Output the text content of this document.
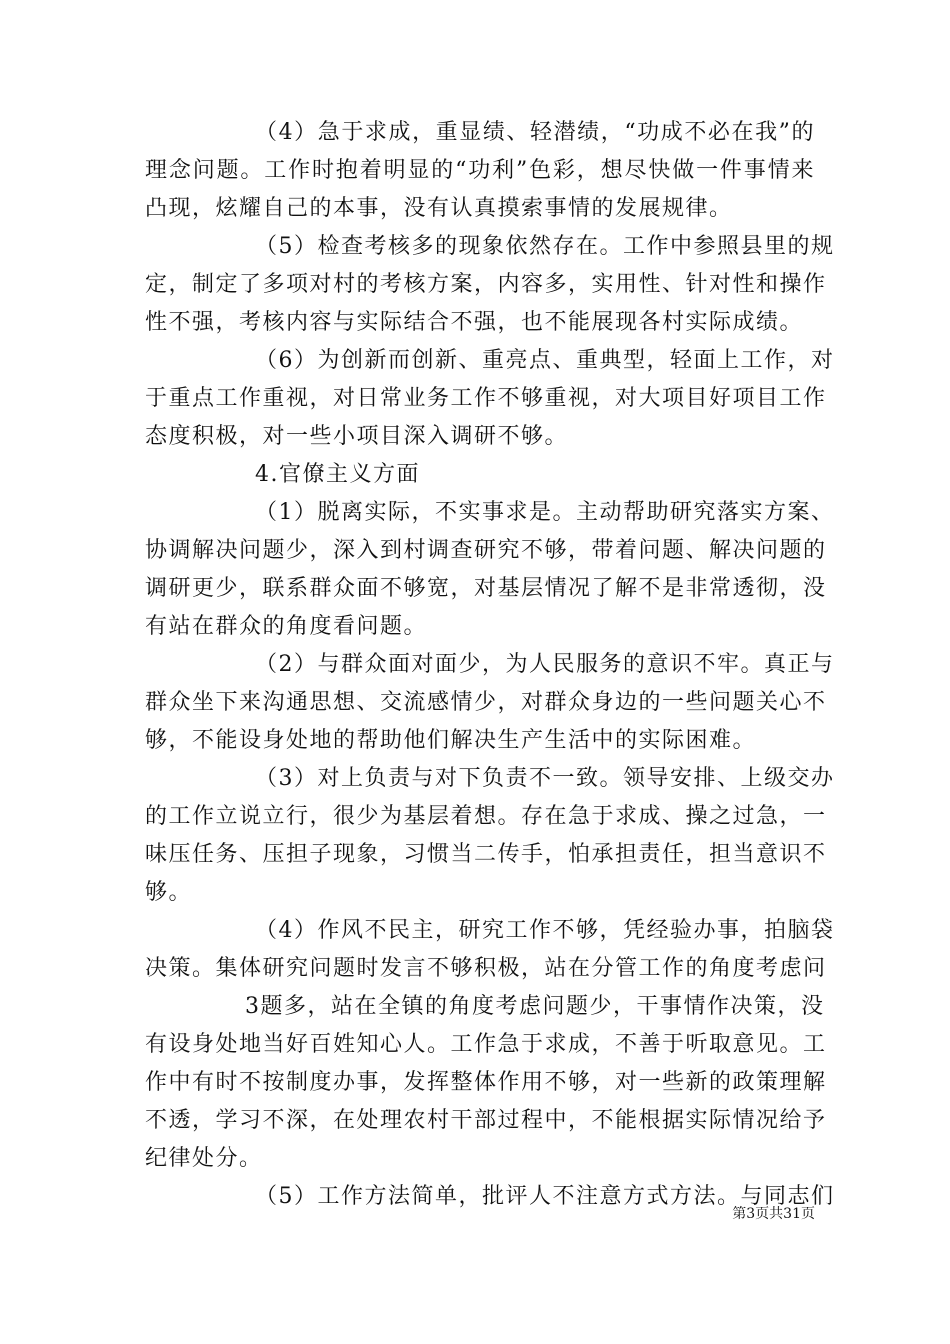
（4）急于求成，重显绩、轻潜绩，“功成不必在我”的
理念问题。工作时抱着明显的“功利”色彩，想尽快做一件事情来
凸现，炫耀自己的本事，没有认真摸索事情的发展规律。
（5）检查考核多的现象依然存在。工作中参照县里的规
定，制定了多项对村的考核方案，内容多，实用性、针对性和操作
性不强，考核内容与实际结合不强，也不能展现各村实际成绩。
（6）为创新而创新、重亮点、重典型，轻面上工作，对
于重点工作重视，对日常业务工作不够重视，对大项目好项目工作
态度积极，对一些小项目深入调研不够。
4.官僚主义方面
（1）脱离实际，不实事求是。主动帮助研究落实方案、
协调解决问题少，深入到村调查研究不够，带着问题、解决问题的
调研更少，联系群众面不够宽，对基层情况了解不是非常透彻，没
有站在群众的角度看问题。
（2）与群众面对面少，为人民服务的意识不牢。真正与
群众坐下来沟通思想、交流感情少，对群众身边的一些问题关心不
够，不能设身处地的帮助他们解决生产生活中的实际困难。
（3）对上负责与对下负责不一致。领导安排、上级交办
的工作立说立行，很少为基层着想。存在急于求成、操之过急，一
味压任务、压担子现象，习惯当二传手，怕承担责任，担当意识不
够。
（4）作风不民主，研究工作不够，凭经验办事，拍脑袋
决策。集体研究问题时发言不够积极，站在分管工作的角度考虑问
3题多，站在全镇的角度考虑问题少，干事情作决策，没
有设身处地当好百姓知心人。工作急于求成，不善于听取意见。工
作中有时不按制度办事，发挥整体作用不够，对一些新的政策理解
不透，学习不深，在处理农村干部过程中，不能根据实际情况给予
纪律处分。
（5）工作方法简单，批评人不注意方式方法。与同志们
第3页共31页
